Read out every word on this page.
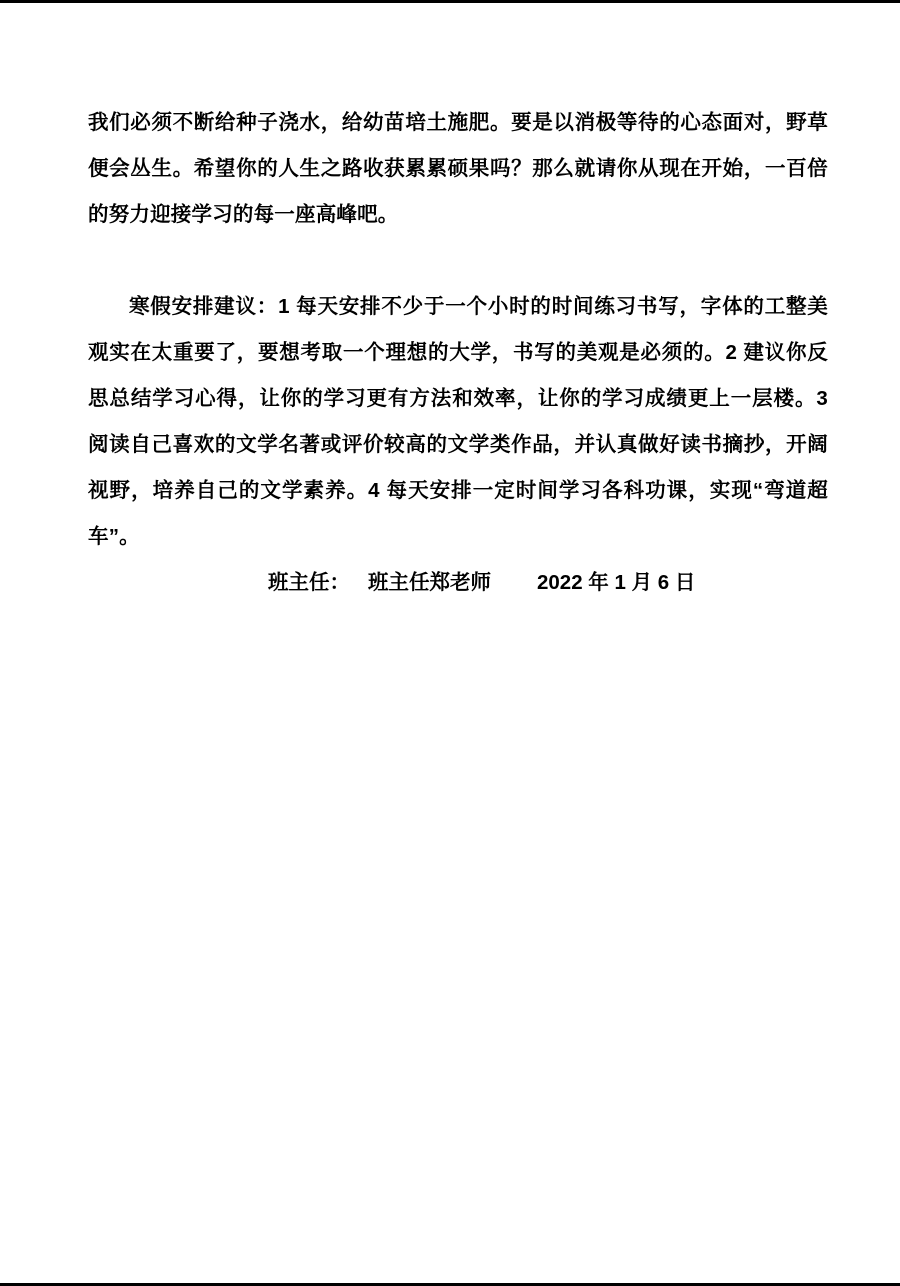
我们必须不断给种子浇水，给幼苗培土施肥。要是以消极等待的心态面对，野草便会丛生。希望你的人生之路收获累累硕果吗？那么就请你从现在开始，一百倍的努力迎接学习的每一座高峰吧。

寒假安排建议：1 每天安排不少于一个小时的时间练习书写，字体的工整美观实在太重要了，要想考取一个理想的大学，书写的美观是必须的。2 建议你反思总结学习心得，让你的学习更有方法和效率，让你的学习成绩更上一层楼。3 阅读自己喜欢的文学名著或评价较高的文学类作品，并认真做好读书摘抄，开阔视野，培养自己的文学素养。4 每天安排一定时间学习各科功课，实现“弯道超车”。

班主任： 班主任郑老师 2022 年 1 月 6 日
